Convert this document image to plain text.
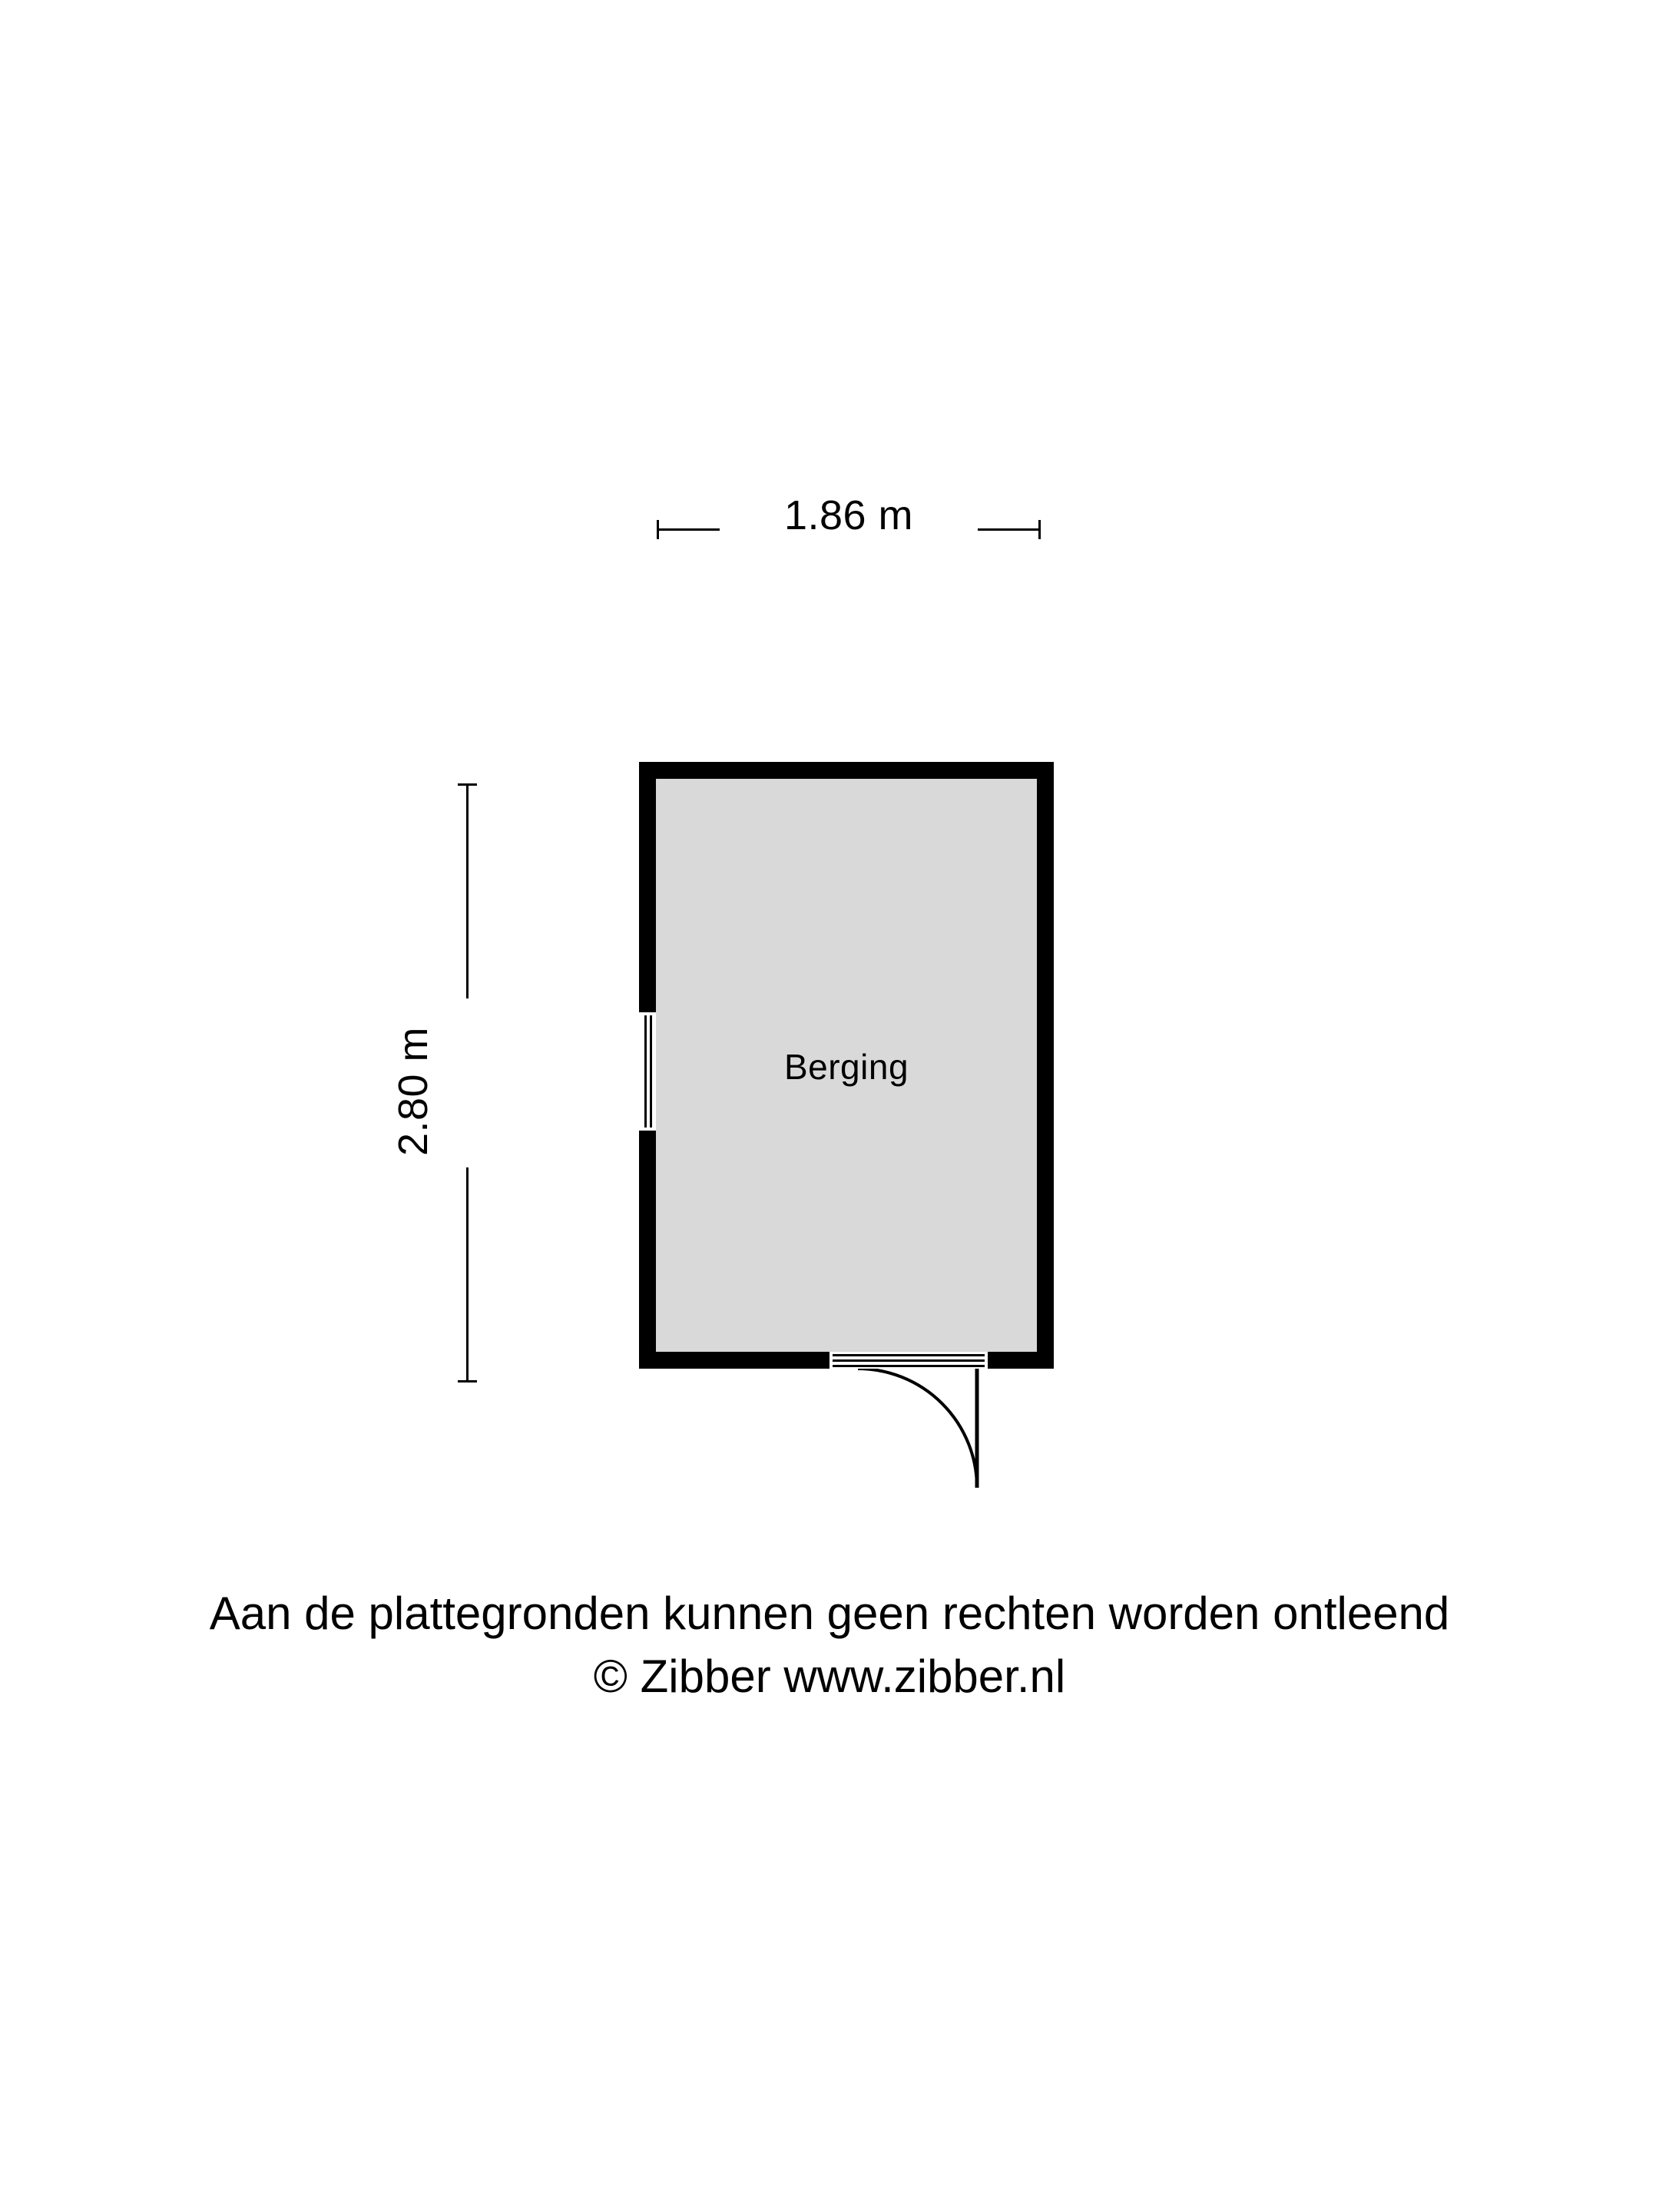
1.86 m
2.80 m	Berging
Aan de plattegronden kunnen geen rechten worden ontleend
© Zibber www.zibber.nl
